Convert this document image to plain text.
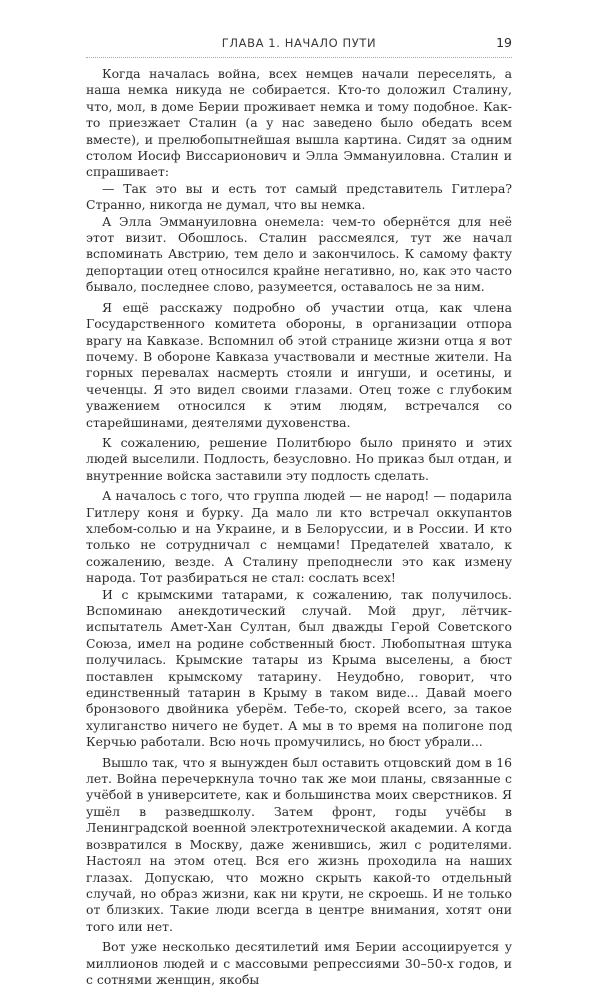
ГЛАВА 1. НАЧАЛО ПУТИ	19

Когда началась война, всех немцев начали переселять, а наша немка никуда не собирается. Кто-то доложил Сталину, что, мол, в доме Берии проживает немка и тому подобное. Как-то приезжает Сталин (а у нас заведено было обедать всем вместе), и прелюбопытнейшая вышла картина. Сидят за одним столом Иосиф Виссарионович и Элла Эммануиловна. Сталин и спрашивает:

— Так это вы и есть тот самый представитель Гитлера? Странно, никогда не думал, что вы немка.

А Элла Эммануиловна онемела: чем-то обернётся для неё этот визит. Обошлось. Сталин рассмеялся, тут же начал вспоминать Австрию, тем дело и закончилось. К самому факту депортации отец относился крайне негативно, но, как это часто бывало, последнее слово, разумеется, оставалось не за ним.

Я ещё расскажу подробно об участии отца, как члена Государственного комитета обороны, в организации отпора врагу на Кавказе. Вспомнил об этой странице жизни отца я вот почему. В обороне Кавказа участвовали и местные жители. На горных перевалах насмерть стояли и ингуши, и осетины, и чеченцы. Я это видел своими глазами. Отец тоже с глубоким уважением относился к этим людям, встречался со старейшинами, деятелями духовенства.

К сожалению, решение Политбюро было принято и этих людей выселили. Подлость, безусловно. Но приказ был отдан, и внутренние войска заставили эту подлость сделать.

А началось с того, что группа людей — не народ! — подарила Гитлеру коня и бурку. Да мало ли кто встречал оккупантов хлебом-солью и на Украине, и в Белоруссии, и в России. И кто только не сотрудничал с немцами! Предателей хватало, к сожалению, везде. А Сталину преподнесли это как измену народа. Тот разбираться не стал: сослать всех!

И с крымскими татарами, к сожалению, так получилось. Вспоминаю анекдотический случай. Мой друг, лётчик-испытатель Амет-Хан Султан, был дважды Герой Советского Союза, имел на родине собственный бюст. Любопытная штука получилась. Крымские татары из Крыма выселены, а бюст поставлен крымскому татарину. Неудобно, говорит, что единственный татарин в Крыму в таком виде... Давай моего бронзового двойника уберём. Тебе-то, скорей всего, за такое хулиганство ничего не будет. А мы в то время на полигоне под Керчью работали. Всю ночь промучились, но бюст убрали...

Вышло так, что я вынужден был оставить отцовский дом в 16 лет. Война перечеркнула точно так же мои планы, связанные с учёбой в университете, как и большинства моих сверстников. Я ушёл в разведшколу. Затем фронт, годы учёбы в Ленинградской военной электротехнической академии. А когда возвратился в Москву, даже женившись, жил с родителями. Настоял на этом отец. Вся его жизнь проходила на наших глазах. Допускаю, что можно скрыть какой-то отдельный случай, но образ жизни, как ни крути, не скроешь. И не только от близких. Такие люди всегда в центре внимания, хотят они того или нет.

Вот уже несколько десятилетий имя Берии ассоциируется у миллионов людей и с массовыми репрессиями 30–50-х годов, и с сотнями женщин, якобы
